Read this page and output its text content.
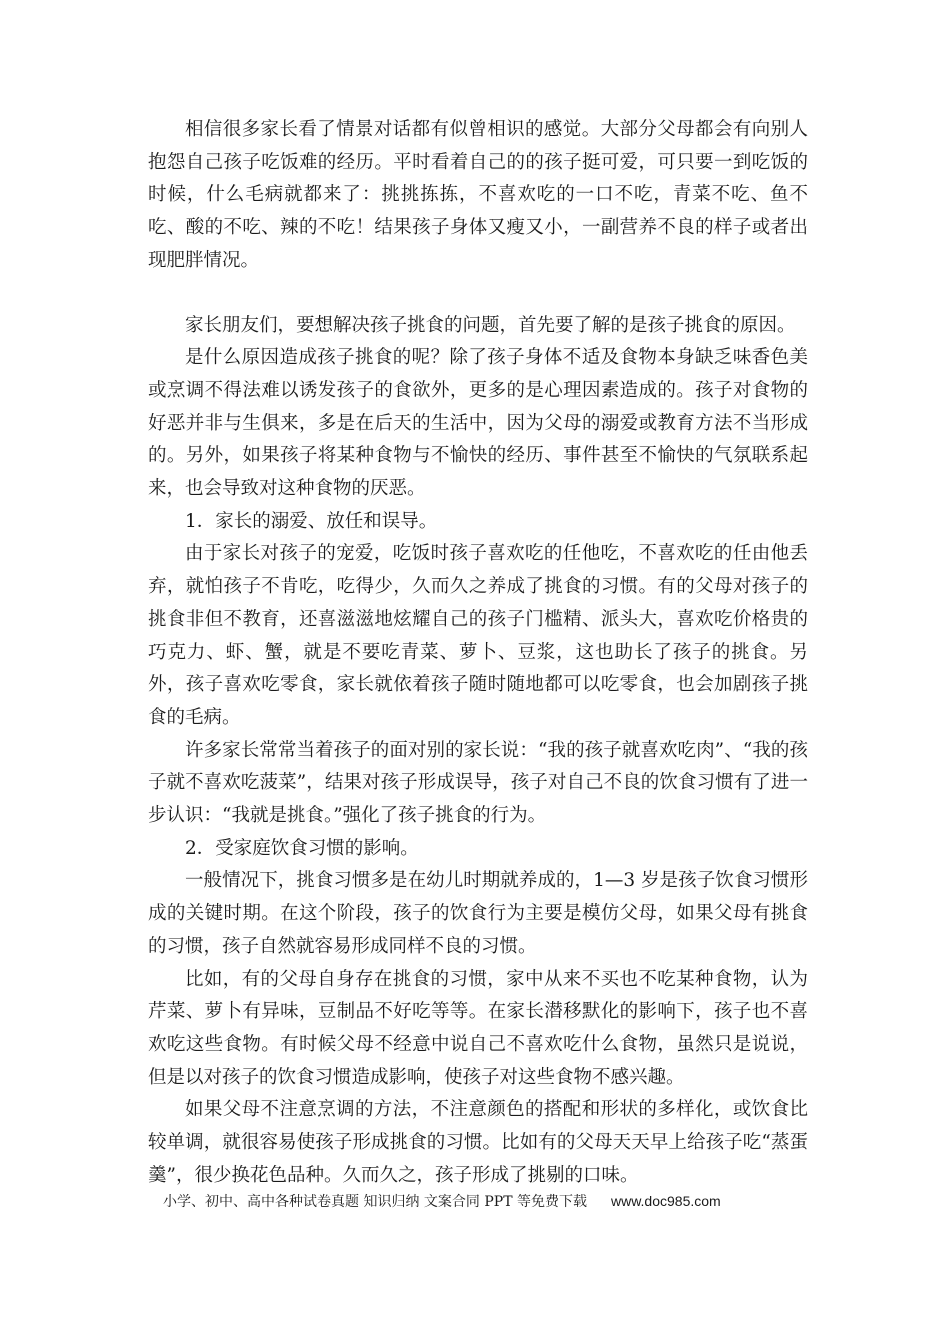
相信很多家长看了情景对话都有似曾相识的感觉。大部分父母都会有向别人抱怨自己孩子吃饭难的经历。平时看着自己的的孩子挺可爱，可只要一到吃饭的时候，什么毛病就都来了：挑挑拣拣，不喜欢吃的一口不吃，青菜不吃、鱼不吃、酸的不吃、辣的不吃！结果孩子身体又瘦又小，一副营养不良的样子或者出现肥胖情况。

家长朋友们，要想解决孩子挑食的问题，首先要了解的是孩子挑食的原因。

是什么原因造成孩子挑食的呢？除了孩子身体不适及食物本身缺乏味香色美或烹调不得法难以诱发孩子的食欲外，更多的是心理因素造成的。孩子对食物的好恶并非与生俱来，多是在后天的生活中，因为父母的溺爱或教育方法不当形成的。另外，如果孩子将某种食物与不愉快的经历、事件甚至不愉快的气氛联系起来，也会导致对这种食物的厌恶。

1．家长的溺爱、放任和误导。

由于家长对孩子的宠爱，吃饭时孩子喜欢吃的任他吃，不喜欢吃的任由他丢弃，就怕孩子不肯吃，吃得少，久而久之养成了挑食的习惯。有的父母对孩子的挑食非但不教育，还喜滋滋地炫耀自己的孩子门槛精、派头大，喜欢吃价格贵的巧克力、虾、蟹，就是不要吃青菜、萝卜、豆浆，这也助长了孩子的挑食。另外，孩子喜欢吃零食，家长就依着孩子随时随地都可以吃零食，也会加剧孩子挑食的毛病。

许多家长常常当着孩子的面对别的家长说：“我的孩子就喜欢吃肉”、“我的孩子就不喜欢吃菠菜”，结果对孩子形成误导，孩子对自己不良的饮食习惯有了进一步认识：“我就是挑食。”强化了孩子挑食的行为。

2．受家庭饮食习惯的影响。

一般情况下，挑食习惯多是在幼儿时期就养成的，1—3 岁是孩子饮食习惯形成的关键时期。在这个阶段，孩子的饮食行为主要是模仿父母，如果父母有挑食的习惯，孩子自然就容易形成同样不良的习惯。

比如，有的父母自身存在挑食的习惯，家中从来不买也不吃某种食物，认为芹菜、萝卜有异味，豆制品不好吃等等。在家长潜移默化的影响下，孩子也不喜欢吃这些食物。有时候父母不经意中说自己不喜欢吃什么食物，虽然只是说说，但是以对孩子的饮食习惯造成影响，使孩子对这些食物不感兴趣。

如果父母不注意烹调的方法，不注意颜色的搭配和形状的多样化，或饮食比较单调，就很容易使孩子形成挑食的习惯。比如有的父母天天早上给孩子吃“蒸蛋羹”，很少换花色品种。久而久之，孩子形成了挑剔的口味。

小学、初中、高中各种试卷真题 知识归纳 文案合同 PPT 等免费下载 www.doc985.com
